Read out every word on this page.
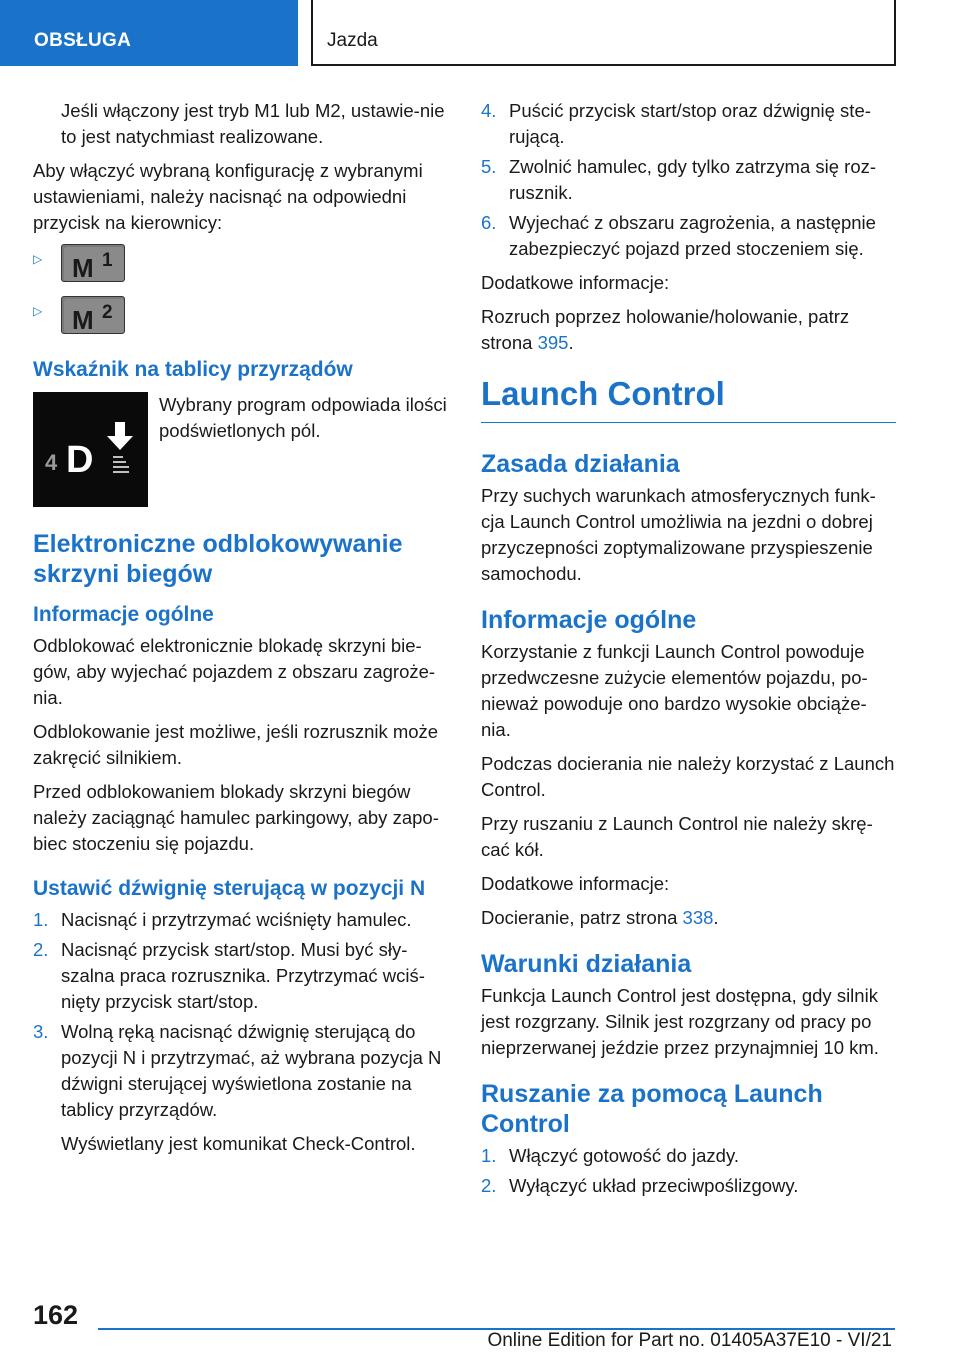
OBSŁUGA	Jazda

Jeśli włączony jest tryb M1 lub M2, ustawie-nie to jest natychmiast realizowane.

Aby włączyć wybraną konfigurację z wybranymi ustawieniami, należy nacisnąć na odpowiedni przycisk na kierownicy:

▷	M 1
▷	M 2
Wskaźnik na tablicy przyrządów
4 D

Wybrany program odpowiada ilości podświetlonych pól.

Elektroniczne odblokowywanie skrzyni biegów
Informacje ogólne

Odblokować elektronicznie blokadę skrzyni bie-gów, aby wyjechać pojazdem z obszaru zagroże-nia.

Odblokowanie jest możliwe, jeśli rozrusznik może zakręcić silnikiem.

Przed odblokowaniem blokady skrzyni biegów należy zaciągnąć hamulec parkingowy, aby zapo-biec stoczeniu się pojazdu.

Ustawić dźwignię sterującą w pozycji N
1. Nacisnąć i przytrzymać wciśnięty hamulec.
2. Nacisnąć przycisk start/stop. Musi być sły-szalna praca rozrusznika. Przytrzymać wciś-nięty przycisk start/stop.
3. Wolną ręką nacisnąć dźwignię sterującą do pozycji N i przytrzymać, aż wybrana pozycja N dźwigni sterującej wyświetlona zostanie na tablicy przyrządów.

Wyświetlany jest komunikat Check-Control.

4. Puścić przycisk start/stop oraz dźwignię ste-rującą.
5. Zwolnić hamulec, gdy tylko zatrzyma się roz-rusznik.
6. Wyjechać z obszaru zagrożenia, a następnie zabezpieczyć pojazd przed stoczeniem się.

Dodatkowe informacje:

Rozruch poprzez holowanie/holowanie, patrz strona 395.

Launch Control
Zasada działania

Przy suchych warunkach atmosferycznych funk-cja Launch Control umożliwia na jezdni o dobrej przyczepności zoptymalizowane przyspieszenie samochodu.

Informacje ogólne

Korzystanie z funkcji Launch Control powoduje przedwczesne zużycie elementów pojazdu, po-nieważ powoduje ono bardzo wysokie obciąże-nia.

Podczas docierania nie należy korzystać z Launch Control.

Przy ruszaniu z Launch Control nie należy skrę-cać kół.

Dodatkowe informacje:

Docieranie, patrz strona 338.

Warunki działania

Funkcja Launch Control jest dostępna, gdy silnik jest rozgrzany. Silnik jest rozgrzany od pracy po nieprzerwanej jeździe przez przynajmniej 10 km.

Ruszanie za pomocą Launch Control
1. Włączyć gotowość do jazdy.
2. Wyłączyć układ przeciwpoślizgowy.
162
Online Edition for Part no. 01405A37E10 - VI/21
